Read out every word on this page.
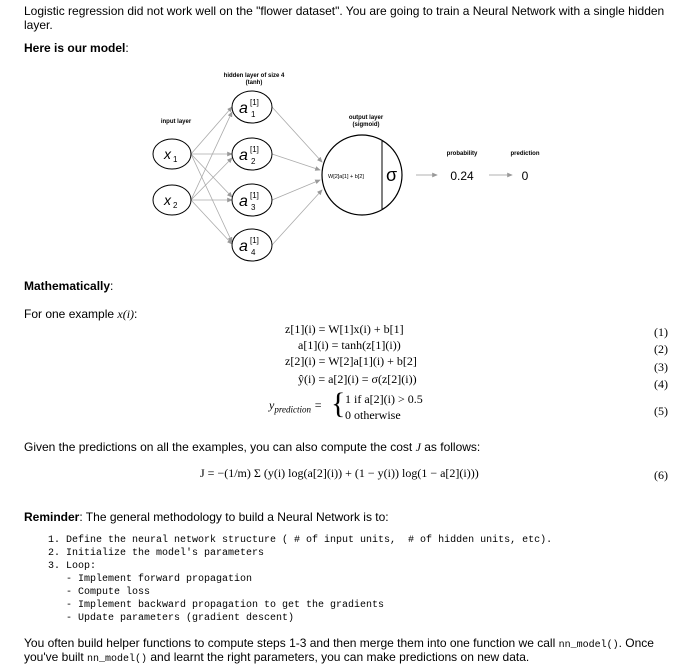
Logistic regression did not work well on the "flower dataset". You are going to train a Neural Network with a single hidden
layer.
Here is our model:
hidden layer of size 4
(tanh)
input layer
output layer
(sigmoid)
x 1
x 2
a [1]
1
a [1]
2
a [1]
3
a [1]
4
W[2]a[1] + b[2] σ
probability	prediction
0.24	0
Mathematically:
For one example x(i):
z[1](i) = W[1]x(i) + b[1]	(1)
a[1](i) = tanh(z[1](i))	(2)
z[2](i) = W[2]a[1](i) + b[2]	(3)
ŷ(i) = a[2](i) = σ(z[2](i))	(4)
$y_{prediction}$ = { 1 if a[2](i) > 0.5
0 otherwise	(5)
Given the predictions on all the examples, you can also compute the cost J as follows:
J = −(1/m) Σ (y(i) log(a[2](i)) + (1 − y(i)) log(1 − a[2](i)))	(6)
Reminder: The general methodology to build a Neural Network is to:
1. Define the neural network structure ( # of input units,  # of hidden units, etc).
2. Initialize the model's parameters
3. Loop:
- Implement forward propagation
- Compute loss
- Implement backward propagation to get the gradients
- Update parameters (gradient descent)
You often build helper functions to compute steps 1-3 and then merge them into one function we call nn_model(). Once
you've built nn_model() and learnt the right parameters, you can make predictions on new data.
